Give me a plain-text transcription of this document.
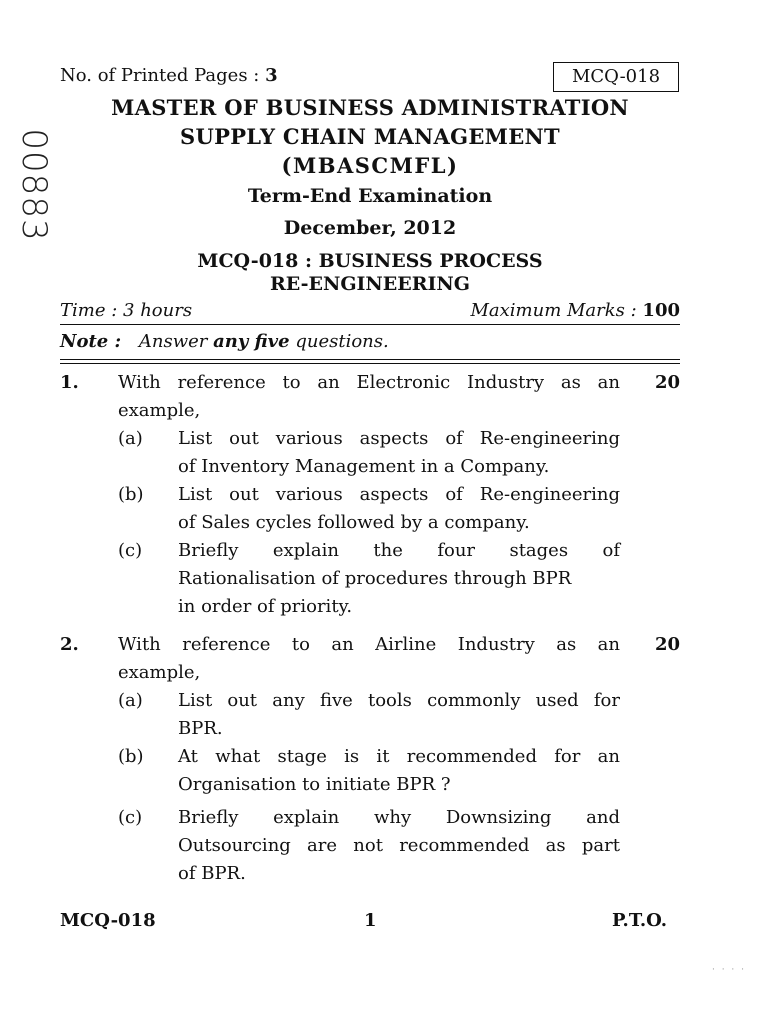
No. of Printed Pages : 3	MCQ-018
00883
MASTER OF BUSINESS ADMINISTRATION
SUPPLY CHAIN MANAGEMENT
(MBASCMFL)
Term-End Examination
December, 2012
MCQ-018 : BUSINESS PROCESS
RE-ENGINEERING
Time : 3 hours	Maximum Marks : 100
Note : Answer any five questions.
1.	20
With reference to an Electronic Industry as an
example,
(a) List out various aspects of Re-engineering
of Inventory Management in a Company.
(b) List out various aspects of Re-engineering
of Sales cycles followed by a company.
(c) Briefly explain the four stages of
Rationalisation of procedures through BPR
in order of priority.
2.	20
With reference to an Airline Industry as an
example,
(a) List out any five tools commonly used for
BPR.
(b) At what stage is it recommended for an
Organisation to initiate BPR ?
(c) Briefly explain why Downsizing and
Outsourcing are not recommended as part
of BPR.
MCQ-018	1	P.T.O.
· · · ·
